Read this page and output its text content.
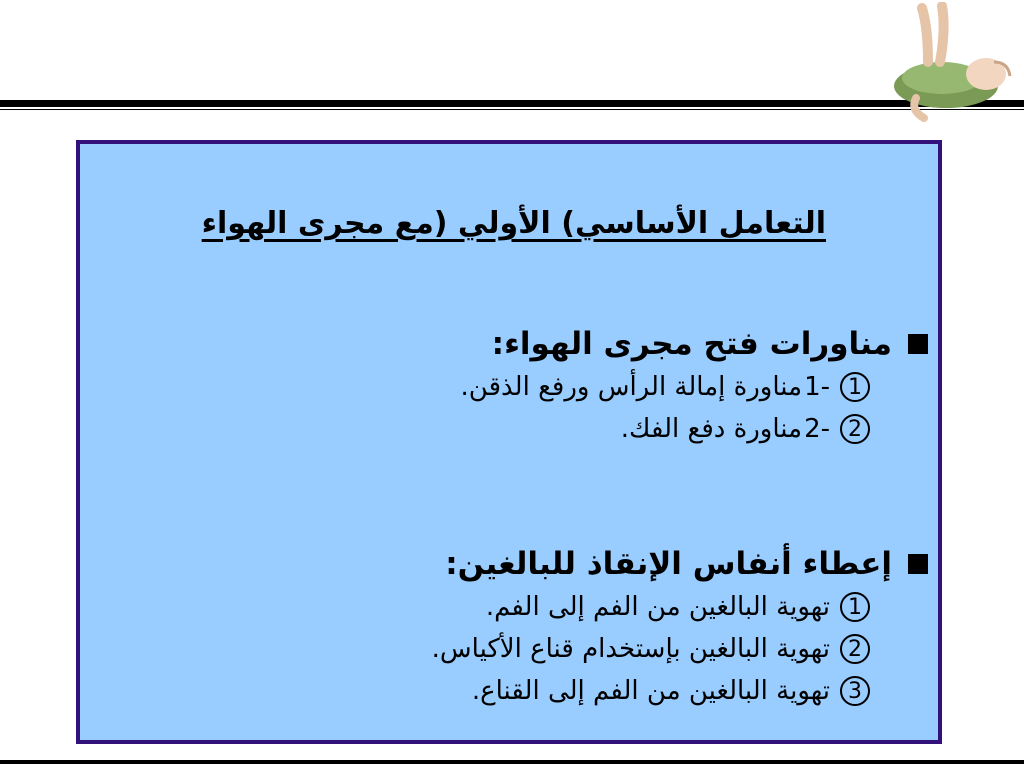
التعامل الأساسي) الأولي (مع مجرى الهواء
مناورات فتح مجرى الهواء:
1
-1
مناورة إمالة الرأس ورفع الذقن.
2
-2
مناورة دفع الفك.
إعطاء أنفاس الإنقاذ للبالغين:
1
تهوية البالغين من الفم إلى الفم.
2
تهوية البالغين بإستخدام قناع الأكياس.
3
تهوية البالغين من الفم إلى القناع.
